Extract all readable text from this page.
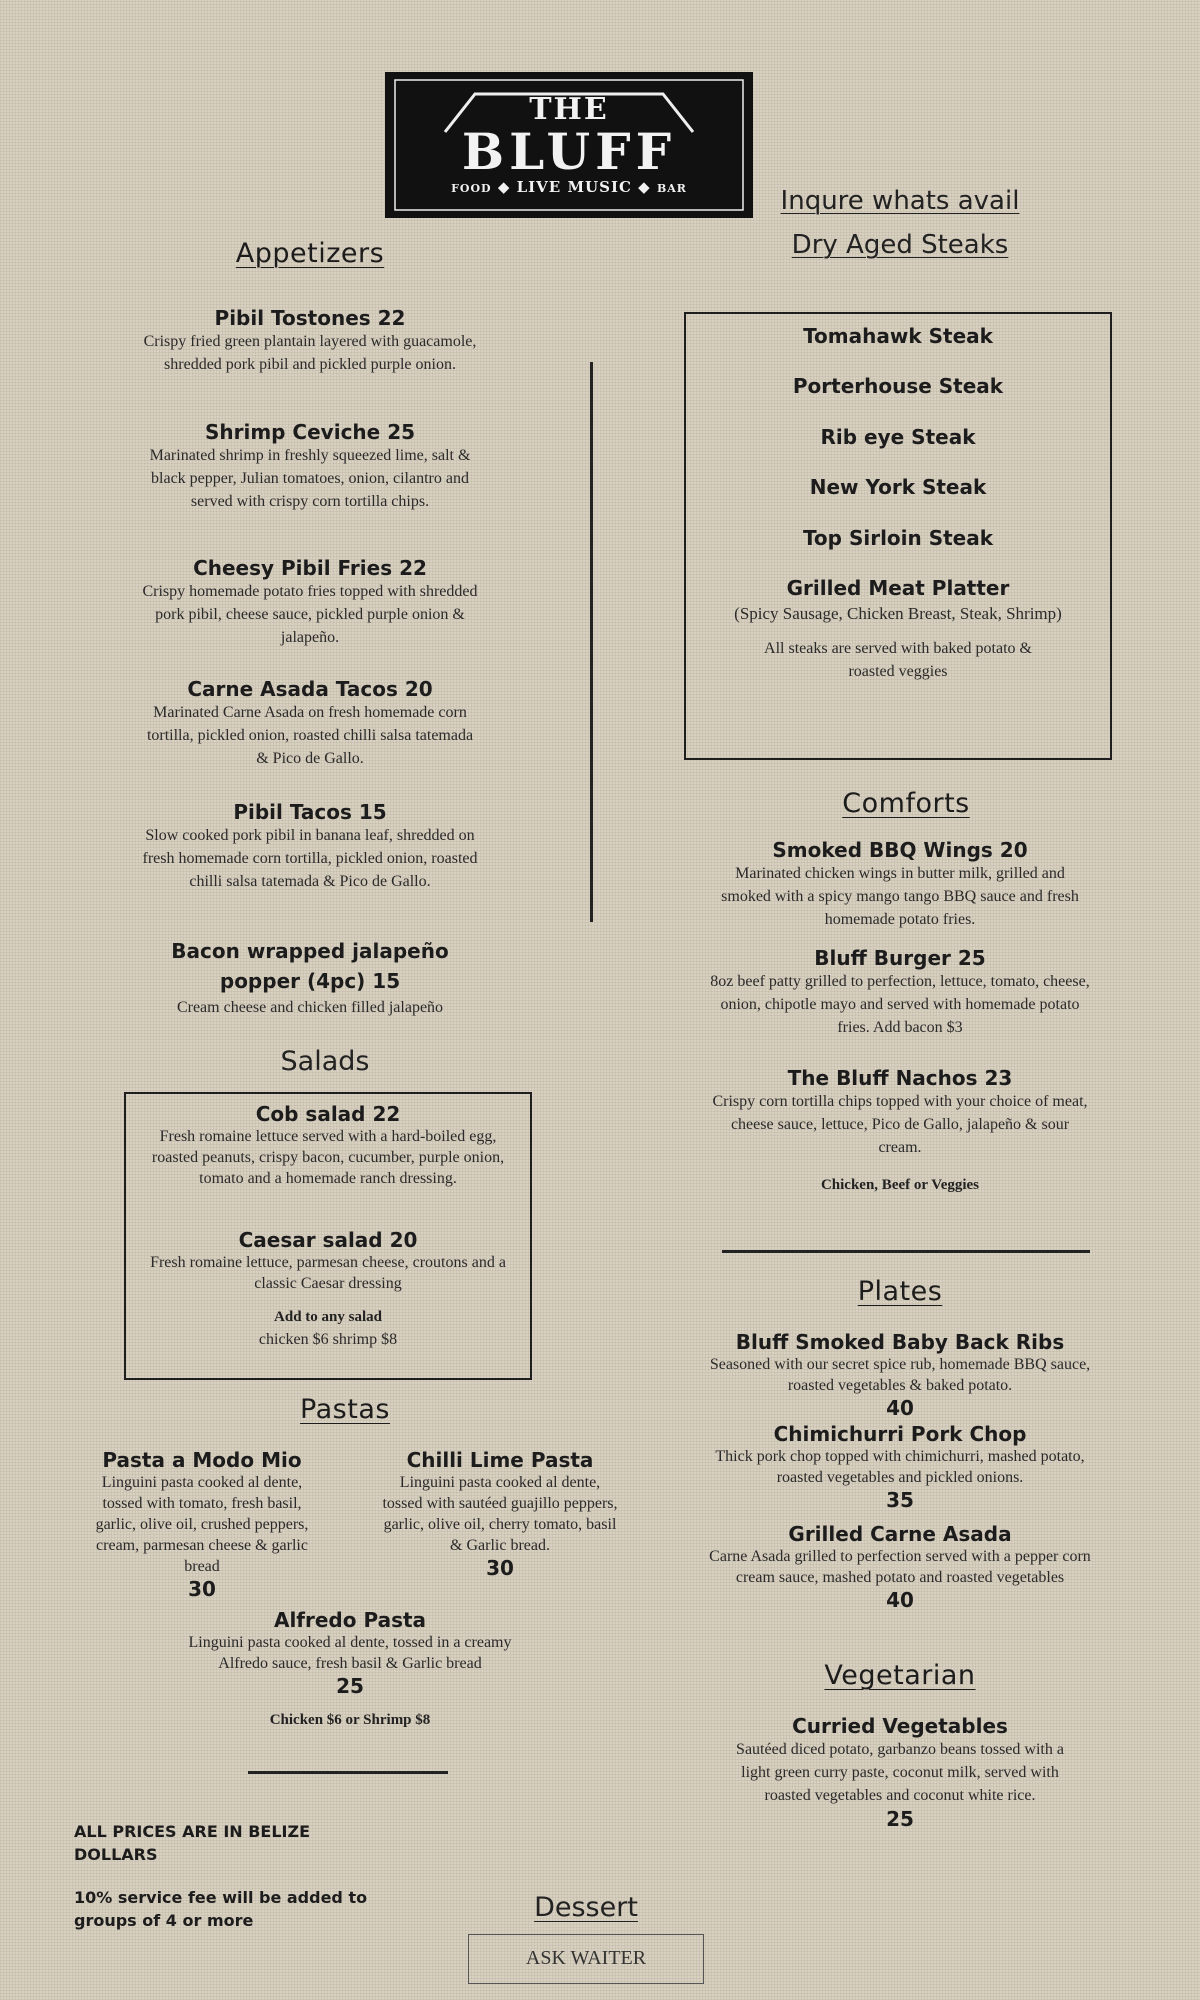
THE
BLUFF
FOOD ◆ LIVE MUSIC ◆ BAR	Inqure whats avail
Dry Aged Steaks
Appetizers
Pibil Tostones 22
Crispy fried green plantain layered with guacamole, shredded pork pibil and pickled purple onion.
Shrimp Ceviche 25
Marinated shrimp in freshly squeezed lime, salt & black pepper, Julian tomatoes, onion, cilantro and served with crispy corn tortilla chips.
Cheesy Pibil Fries 22
Crispy homemade potato fries topped with shredded pork pibil, cheese sauce, pickled purple onion & jalapeño.
Carne Asada Tacos 20
Marinated Carne Asada on fresh homemade corn tortilla, pickled onion, roasted chilli salsa tatemada & Pico de Gallo.
Pibil Tacos 15
Slow cooked pork pibil in banana leaf, shredded on fresh homemade corn tortilla, pickled onion, roasted chilli salsa tatemada & Pico de Gallo.
Bacon wrapped jalapeño popper (4pc) 15
Cream cheese and chicken filled jalapeño
Tomahawk Steak
Porterhouse Steak
Rib eye Steak
New York Steak
Top Sirloin Steak
Grilled Meat Platter
(Spicy Sausage, Chicken Breast, Steak, Shrimp)
All steaks are served with baked potato & roasted veggies
Comforts
Smoked BBQ Wings 20
Marinated chicken wings in butter milk, grilled and smoked with a spicy mango tango BBQ sauce and fresh homemade potato fries.
Bluff Burger 25
8oz beef patty grilled to perfection, lettuce, tomato, cheese, onion, chipotle mayo and served with homemade potato fries. Add bacon $3
The Bluff Nachos 23
Crispy corn tortilla chips topped with your choice of meat, cheese sauce, lettuce, Pico de Gallo, jalapeño & sour cream.
Chicken, Beef or Veggies
Salads
Cob salad 22
Fresh romaine lettuce served with a hard-boiled egg, roasted peanuts, crispy bacon, cucumber, purple onion, tomato and a homemade ranch dressing.
Caesar salad 20
Fresh romaine lettuce, parmesan cheese, croutons and a classic Caesar dressing
Add to any salad
chicken $6 shrimp $8
Plates
Bluff Smoked Baby Back Ribs
Seasoned with our secret spice rub, homemade BBQ sauce, roasted vegetables & baked potato.
40
Chimichurri Pork Chop
Thick pork chop topped with chimichurri, mashed potato, roasted vegetables and pickled onions.
35
Grilled Carne Asada
Carne Asada grilled to perfection served with a pepper corn cream sauce, mashed potato and roasted vegetables
40
Pastas
Pasta a Modo Mio
Linguini pasta cooked al dente, tossed with tomato, fresh basil, garlic, olive oil, crushed peppers, cream, parmesan cheese & garlic bread
30
Chilli Lime Pasta
Linguini pasta cooked al dente, tossed with sautéed guajillo peppers, garlic, olive oil, cherry tomato, basil & Garlic bread.
30
Alfredo Pasta
Linguini pasta cooked al dente, tossed in a creamy Alfredo sauce, fresh basil & Garlic bread
25
Chicken $6 or Shrimp $8
Vegetarian
Curried Vegetables
Sautéed diced potato, garbanzo beans tossed with a light green curry paste, coconut milk, served with roasted vegetables and coconut white rice.
25
ALL PRICES ARE IN BELIZE DOLLARS
10% service fee will be added to groups of 4 or more	Dessert
ASK WAITER
